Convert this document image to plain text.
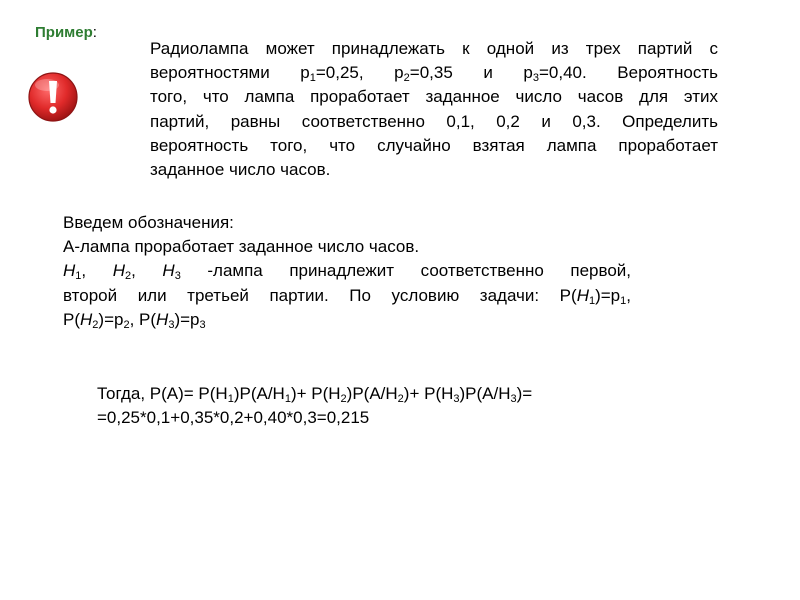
Пример:
Радиолампа может принадлежать к одной из трех партий с
вероятностями $p_1=0,25$, $p_2=0,35$ и $p_3=0,40$. Вероятность
того, что лампа проработает заданное число часов для этих
партий, равны соответственно 0,1, 0,2 и 0,3. Определить
вероятность того, что случайно взятая лампа проработает
заданное число часов.
Введем обозначения:
А-лампа проработает заданное число часов.
$H_1$, $H_2$, $H_3$ -лампа принадлежит соответственно первой,
второй или третьей партии. По условию задачи: $P(H_1)=p_1$,
$P(H_2)=p_2$, $P(H_3)=p_3$
Тогда, $P(A)= P(H_1)P(A/H_1)+ P(H_2)P(A/H_2)+ P(H_3)P(A/H_3)=$
=0,25*0,1+0,35*0,2+0,40*0,3=0,215
